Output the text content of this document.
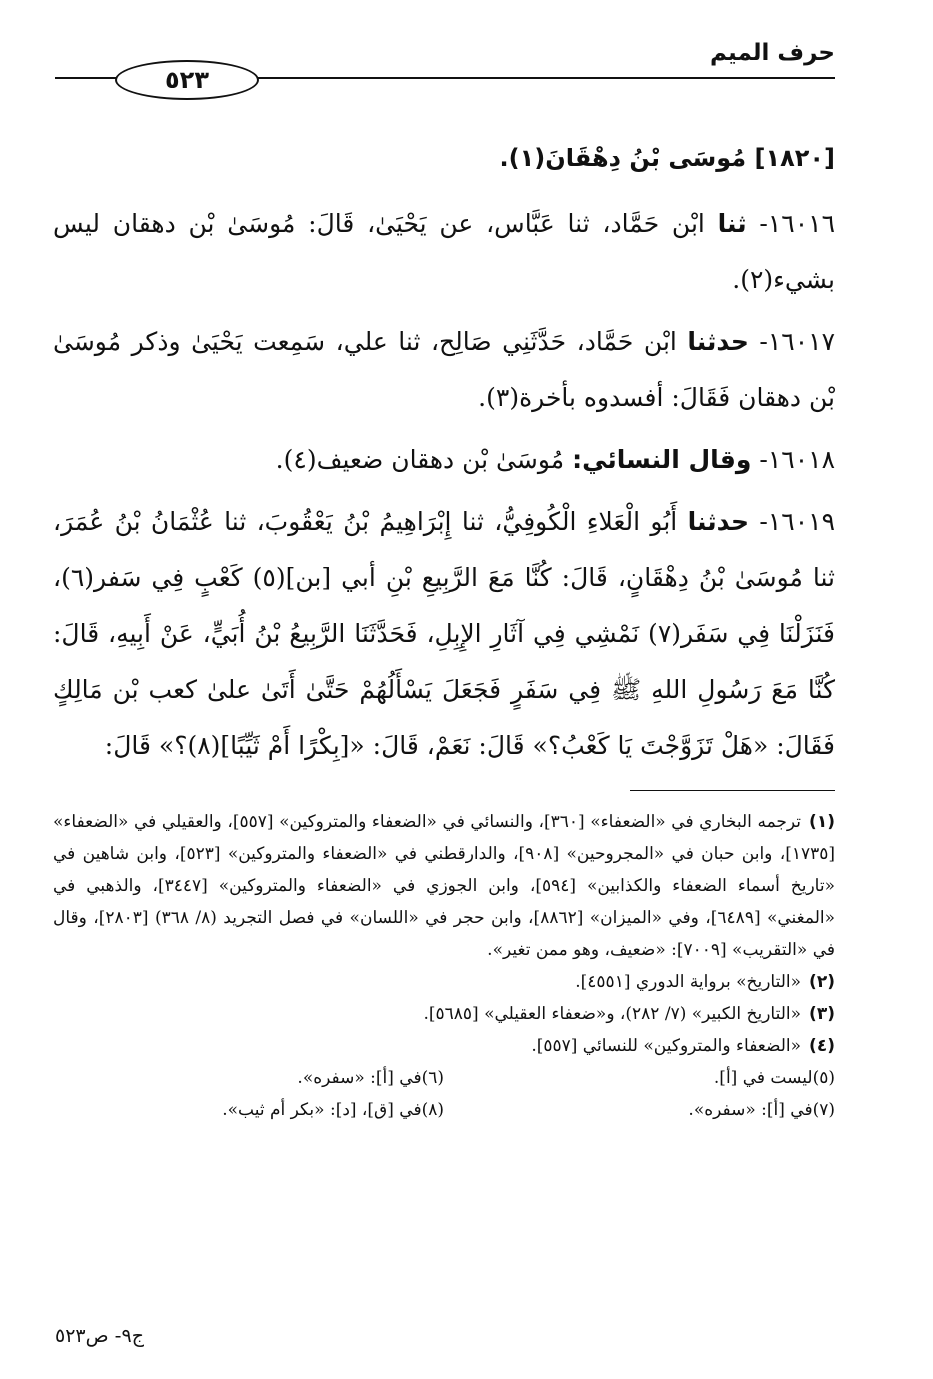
حرف الميم
٥٢٣

[١٨٢٠] مُوسَى بْنُ دِهْقَانَ(١).

١٦٠١٦- ثنا ابْن حَمَّاد، ثنا عَبَّاس، عن يَحْيَىٰ، قَالَ: مُوسَىٰ بْن دهقان ليس بشيء(٢).

١٦٠١٧- حدثنا ابْن حَمَّاد، حَدَّثَنِي صَالِح، ثنا علي، سَمِعت يَحْيَىٰ وذكر مُوسَىٰ بْن دهقان فَقَالَ: أفسدوه بأخرة(٣).

١٦٠١٨- وقال النسائي: مُوسَىٰ بْن دهقان ضعيف(٤).

١٦٠١٩- حدثنا أَبُو الْعَلاءِ الْكُوفِيُّ، ثنا إِبْرَاهِيمُ بْنُ يَعْقُوبَ، ثنا عُثْمَانُ بْنُ عُمَرَ، ثنا مُوسَىٰ بْنُ دِهْقَانٍ، قَالَ: كُنَّا مَعَ الرَّبِيعِ بْنِ أبي [بن](٥) كَعْبٍ فِي سَفر(٦)، فَنَزَلْنَا فِي سَفَر(٧) نَمْشِي فِي آثَارِ الإِبِلِ، فَحَدَّثَنَا الرَّبِيعُ بْنُ أُبَيٍّ، عَنْ أَبِيهِ، قَالَ: كُنَّا مَعَ رَسُولِ اللهِ ﷺ فِي سَفَرٍ فَجَعَلَ يَسْأَلُهُمْ حَتَّىٰ أَتَىٰ علىٰ كعب بْن مَالِكٍ فَقَالَ: «هَلْ تَزَوَّجْتَ يَا كَعْبُ؟» قَالَ: نَعَمْ، قَالَ: «[بِكْرًا أَمْ ثَيِّبًا](٨)؟» قَالَ:

(١)ترجمه البخاري في «الضعفاء» [٣٦٠]، والنسائي في «الضعفاء والمتروكين» [٥٥٧]، والعقيلي في «الضعفاء» [١٧٣٥]، وابن حبان في «المجروحين» [٩٠٨]، والدارقطني في «الضعفاء والمتروكين» [٥٢٣]، وابن شاهين في «تاريخ أسماء الضعفاء والكذابين» [٥٩٤]، وابن الجوزي في «الضعفاء والمتروكين» [٣٤٤٧]، والذهبي في «المغني» [٦٤٨٩]، وفي «الميزان» [٨٨٦٢]، وابن حجر في «اللسان» في فصل التجريد (٨/ ٣٦٨) [٢٨٠٣]، وقال في «التقريب» [٧٠٠٩]: «ضعيف، وهو ممن تغير».

(٢)«التاريخ» برواية الدوري [٤٥٥١].

(٣)«التاريخ الكبير» (٧/ ٢٨٢)، و«ضعفاء العقيلي» [٥٦٨٥].

(٤)«الضعفاء والمتروكين» للنسائي [٥٥٧].

(٥)ليست في [أ].
(٦)في [أ]: «سفره».
(٧)في [أ]: «سفره».
(٨)في [ق]، [د]: «بكر أم ثيب».
ج٩- ص٥٢٣
